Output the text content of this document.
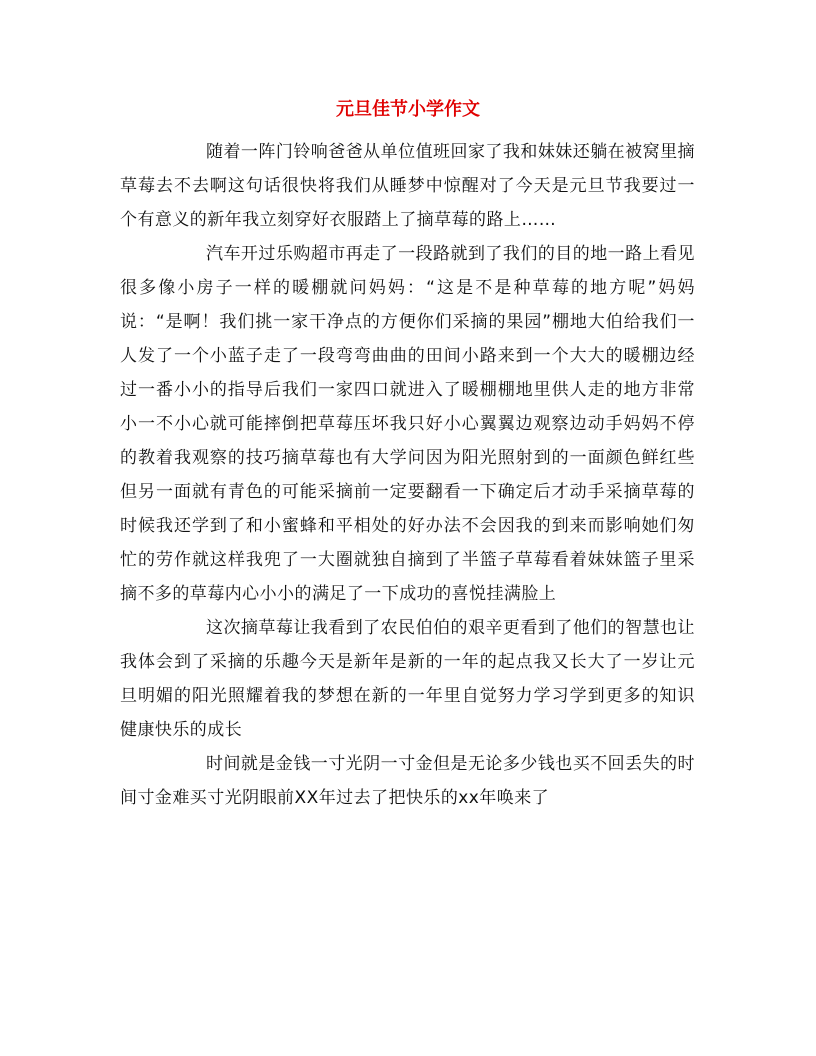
元旦佳节小学作文

随着一阵门铃响爸爸从单位值班回家了我和妹妹还躺在被窝里摘草莓去不去啊这句话很快将我们从睡梦中惊醒对了今天是元旦节我要过一个有意义的新年我立刻穿好衣服踏上了摘草莓的路上……

汽车开过乐购超市再走了一段路就到了我们的目的地一路上看见很多像小房子一样的暖棚就问妈妈：“这是不是种草莓的地方呢”妈妈说：“是啊！我们挑一家干净点的方便你们采摘的果园”棚地大伯给我们一人发了一个小蓝子走了一段弯弯曲曲的田间小路来到一个大大的暖棚边经过一番小小的指导后我们一家四口就进入了暖棚棚地里供人走的地方非常小一不小心就可能摔倒把草莓压坏我只好小心翼翼边观察边动手妈妈不停的教着我观察的技巧摘草莓也有大学问因为阳光照射到的一面颜色鲜红些但另一面就有青色的可能采摘前一定要翻看一下确定后才动手采摘草莓的时候我还学到了和小蜜蜂和平相处的好办法不会因我的到来而影响她们匆忙的劳作就这样我兜了一大圈就独自摘到了半篮子草莓看着妹妹篮子里采摘不多的草莓内心小小的满足了一下成功的喜悦挂满脸上

这次摘草莓让我看到了农民伯伯的艰辛更看到了他们的智慧也让我体会到了采摘的乐趣今天是新年是新的一年的起点我又长大了一岁让元旦明媚的阳光照耀着我的梦想在新的一年里自觉努力学习学到更多的知识健康快乐的成长

时间就是金钱一寸光阴一寸金但是无论多少钱也买不回丢失的时间寸金难买寸光阴眼前XX年过去了把快乐的xx年唤来了
